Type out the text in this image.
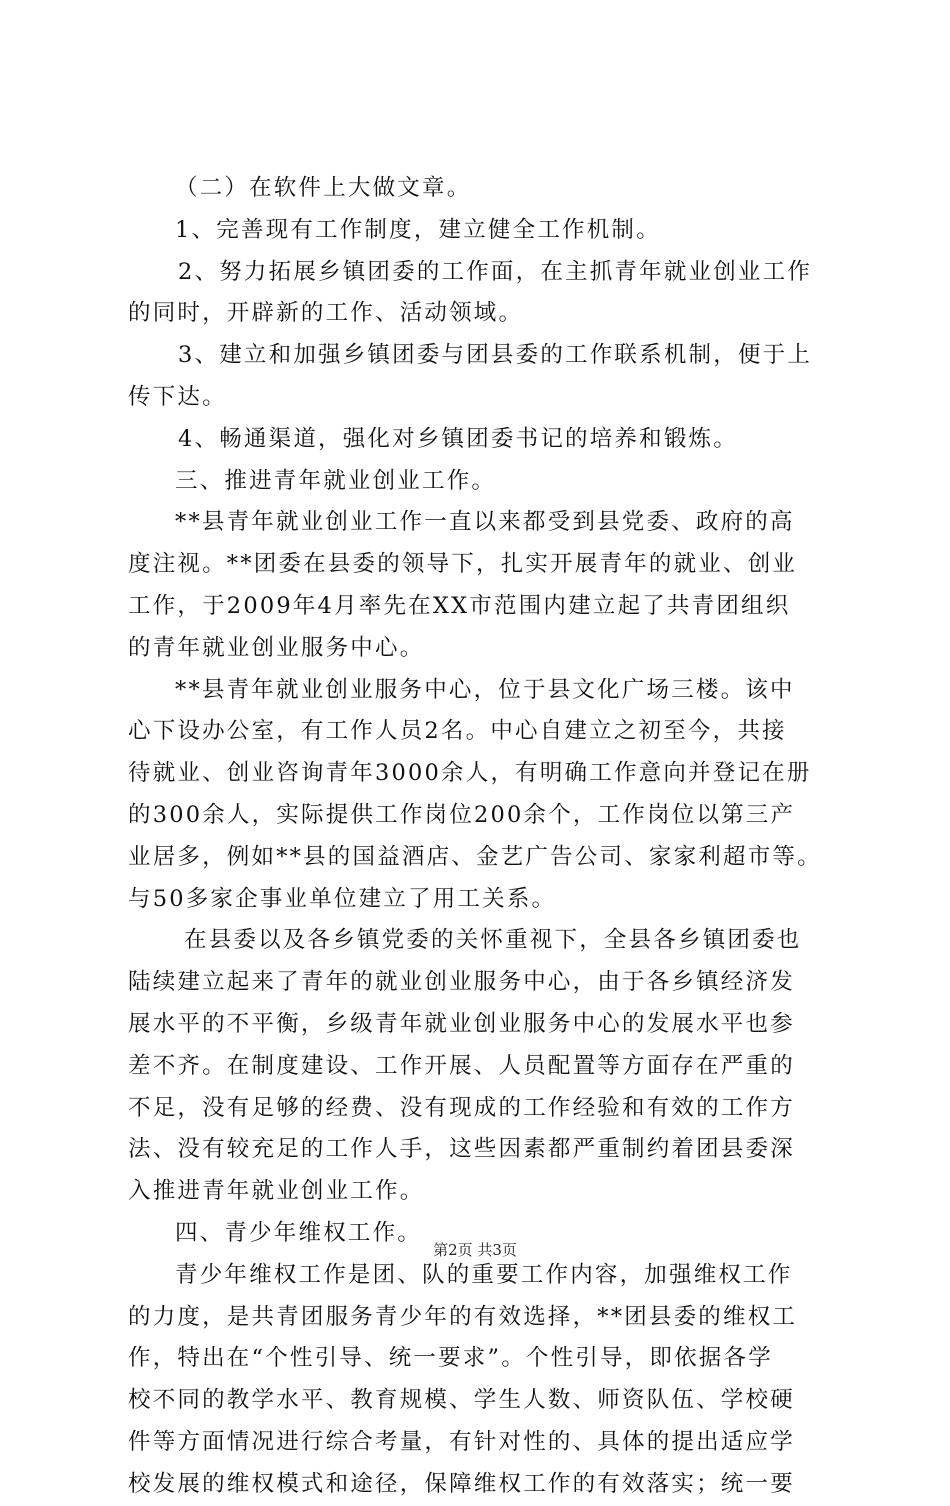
（二）在软件上大做文章。
1、完善现有工作制度，建立健全工作机制。
2、努力拓展乡镇团委的工作面，在主抓青年就业创业工作
的同时，开辟新的工作、活动领域。
3、建立和加强乡镇团委与团县委的工作联系机制，便于上
传下达。
4、畅通渠道，强化对乡镇团委书记的培养和锻炼。
三、推进青年就业创业工作。
**县青年就业创业工作一直以来都受到县党委、政府的高
度注视。**团委在县委的领导下，扎实开展青年的就业、创业
工作，于2009年4月率先在XX市范围内建立起了共青团组织
的青年就业创业服务中心。
**县青年就业创业服务中心，位于县文化广场三楼。该中
心下设办公室，有工作人员2名。中心自建立之初至今，共接
待就业、创业咨询青年3000余人，有明确工作意向并登记在册
的300余人，实际提供工作岗位200余个，工作岗位以第三产
业居多，例如**县的国益酒店、金艺广告公司、家家利超市等。
与50多家企事业单位建立了用工关系。
在县委以及各乡镇党委的关怀重视下，全县各乡镇团委也
陆续建立起来了青年的就业创业服务中心，由于各乡镇经济发
展水平的不平衡，乡级青年就业创业服务中心的发展水平也参
差不齐。在制度建设、工作开展、人员配置等方面存在严重的
不足，没有足够的经费、没有现成的工作经验和有效的工作方
法、没有较充足的工作人手，这些因素都严重制约着团县委深
入推进青年就业创业工作。
四、青少年维权工作。
青少年维权工作是团、队的重要工作内容，加强维权工作
的力度，是共青团服务青少年的有效选择，**团县委的维权工
作，特出在“个性引导、统一要求”。个性引导，即依据各学
校不同的教学水平、教育规模、学生人数、师资队伍、学校硬
件等方面情况进行综合考量，有针对性的、具体的提出适应学
校发展的维权模式和途径，保障维权工作的有效落实；统一要
第2页 共3页
